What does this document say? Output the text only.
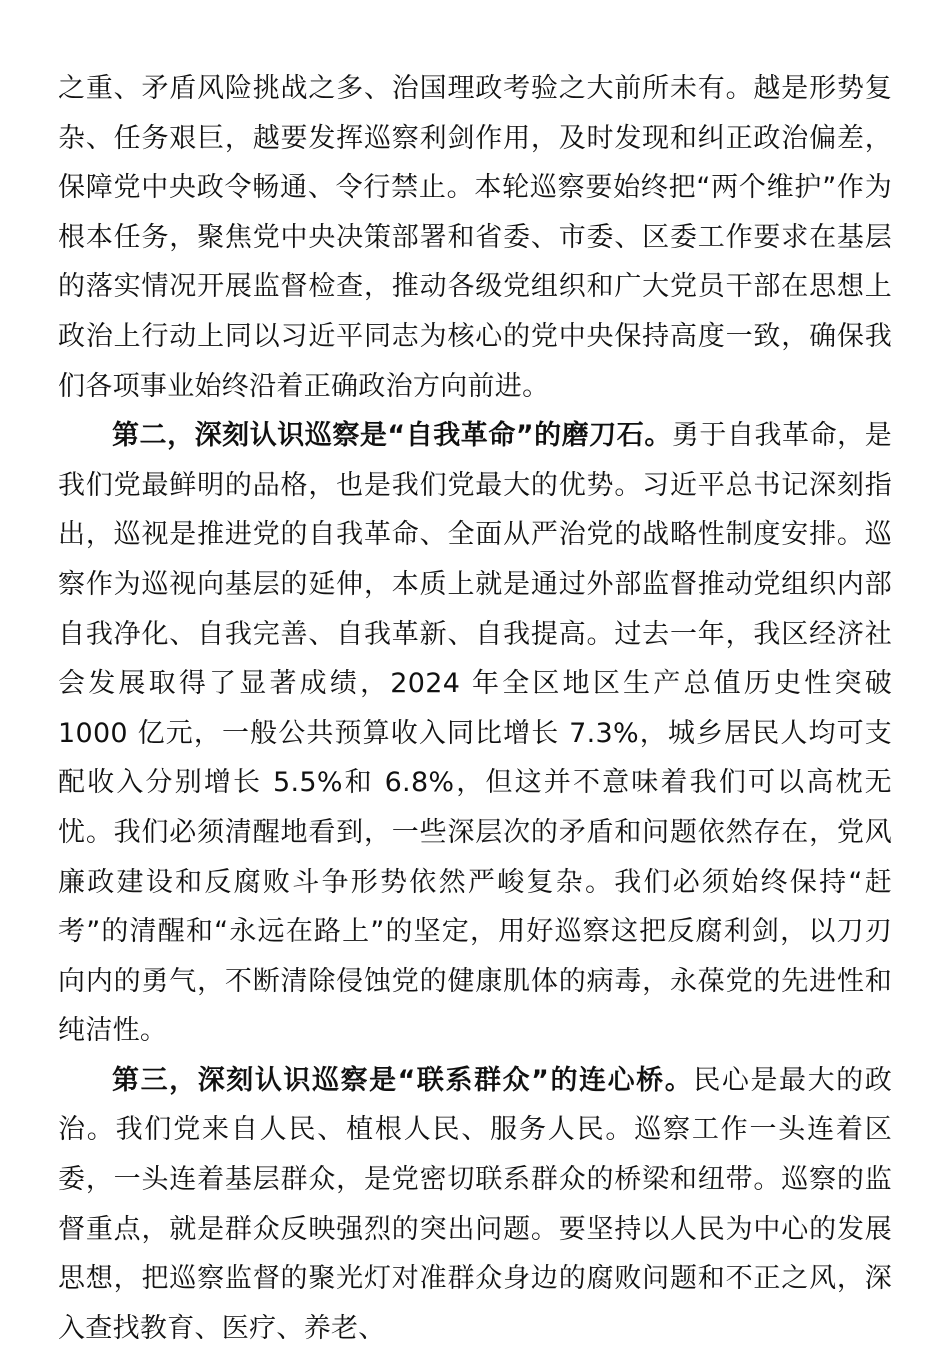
之重、矛盾风险挑战之多、治国理政考验之大前所未有。越是形势复杂、任务艰巨，越要发挥巡察利剑作用，及时发现和纠正政治偏差，保障党中央政令畅通、令行禁止。本轮巡察要始终把“两个维护”作为根本任务，聚焦党中央决策部署和省委、市委、区委工作要求在基层的落实情况开展监督检查，推动各级党组织和广大党员干部在思想上政治上行动上同以习近平同志为核心的党中央保持高度一致，确保我们各项事业始终沿着正确政治方向前进。

第二，深刻认识巡察是“自我革命”的磨刀石。勇于自我革命，是我们党最鲜明的品格，也是我们党最大的优势。习近平总书记深刻指出，巡视是推进党的自我革命、全面从严治党的战略性制度安排。巡察作为巡视向基层的延伸，本质上就是通过外部监督推动党组织内部自我净化、自我完善、自我革新、自我提高。过去一年，我区经济社会发展取得了显著成绩，2024 年全区地区生产总值历史性突破 1000 亿元，一般公共预算收入同比增长 7.3%，城乡居民人均可支配收入分别增长 5.5%和 6.8%，但这并不意味着我们可以高枕无忧。我们必须清醒地看到，一些深层次的矛盾和问题依然存在，党风廉政建设和反腐败斗争形势依然严峻复杂。我们必须始终保持“赶考”的清醒和“永远在路上”的坚定，用好巡察这把反腐利剑，以刀刃向内的勇气，不断清除侵蚀党的健康肌体的病毒，永葆党的先进性和纯洁性。

第三，深刻认识巡察是“联系群众”的连心桥。民心是最大的政治。我们党来自人民、植根人民、服务人民。巡察工作一头连着区委，一头连着基层群众，是党密切联系群众的桥梁和纽带。巡察的监督重点，就是群众反映强烈的突出问题。要坚持以人民为中心的发展思想，把巡察监督的聚光灯对准群众身边的腐败问题和不正之风，深入查找教育、医疗、养老、
